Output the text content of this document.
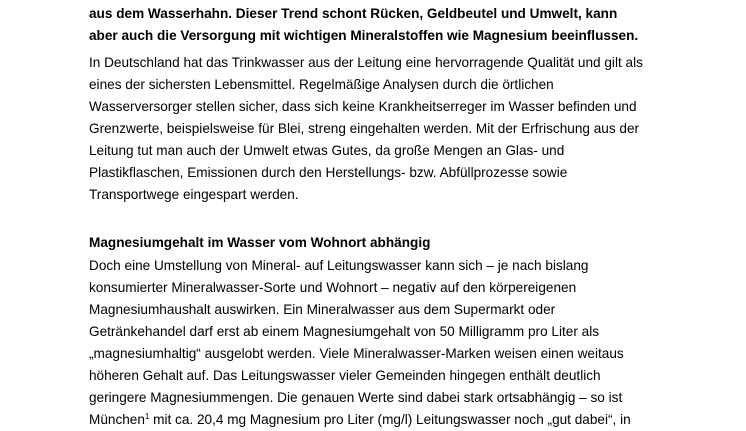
aus dem Wasserhahn. Dieser Trend schont Rücken, Geldbeutel und Umwelt, kann
aber auch die Versorgung mit wichtigen Mineralstoffen wie Magnesium beeinflussen.
In Deutschland hat das Trinkwasser aus der Leitung eine hervorragende Qualität und gilt als
eines der sichersten Lebensmittel. Regelmäßige Analysen durch die örtlichen
Wasserversorger stellen sicher, dass sich keine Krankheitserreger im Wasser befinden und
Grenzwerte, beispielsweise für Blei, streng eingehalten werden. Mit der Erfrischung aus der
Leitung tut man auch der Umwelt etwas Gutes, da große Mengen an Glas- und
Plastikflaschen, Emissionen durch den Herstellungs- bzw. Abfüllprozesse sowie
Transportwege eingespart werden.
Magnesiumgehalt im Wasser vom Wohnort abhängig
Doch eine Umstellung von Mineral- auf Leitungswasser kann sich – je nach bislang
konsumierter Mineralwasser-Sorte und Wohnort – negativ auf den körpereigenen
Magnesiumhaushalt auswirken. Ein Mineralwasser aus dem Supermarkt oder
Getränkehandel darf erst ab einem Magnesiumgehalt von 50 Milligramm pro Liter als
„magnesiumhaltig“ ausgelobt werden. Viele Mineralwasser-Marken weisen einen weitaus
höheren Gehalt auf. Das Leitungswasser vieler Gemeinden hingegen enthält deutlich
geringere Magnesiummengen. Die genauen Werte sind dabei stark ortsabhängig – so ist
München$^1$ mit ca. 20,4 mg Magnesium pro Liter (mg/l) Leitungswasser noch „gut dabei“, in
